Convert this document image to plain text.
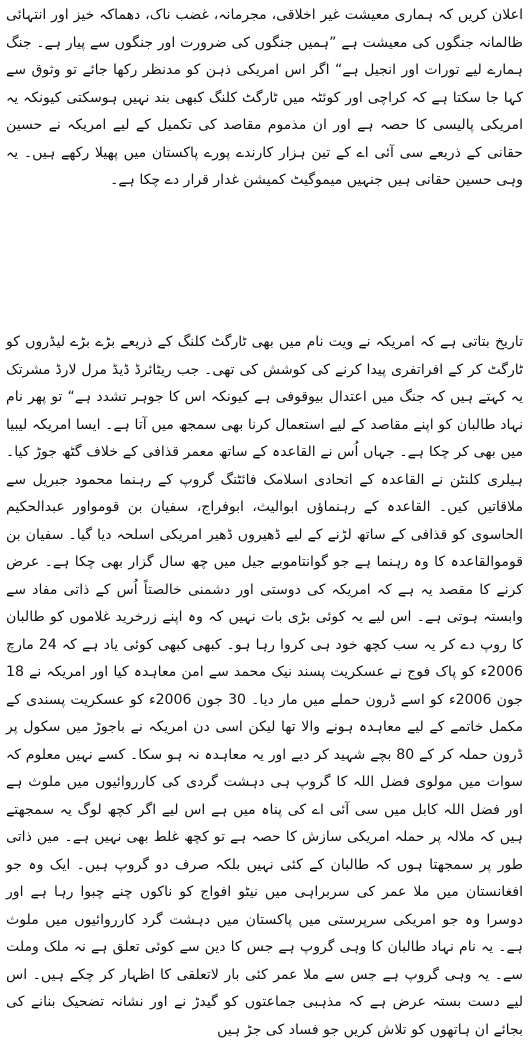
اعلان کریں کہ ہماری معیشت غیر اخلاقی، مجرمانہ، غضب ناک، دھماکہ خیز اور انتہائی ظالمانہ جنگوں کی معیشت ہے ”ہمیں جنگوں کی ضرورت اور جنگوں سے پیار ہے۔ جنگ ہمارے لیے تورات اور انجیل ہے“ اگر اس امریکی ذہن کو مدنظر رکھا جائے تو وثوق سے کہا جا سکتا ہے کہ کراچی اور کوئٹہ میں ٹارگٹ کلنگ کبھی بند نہیں ہوسکتی کیونکہ یہ امریکی پالیسی کا حصہ ہے اور ان مذموم مقاصد کی تکمیل کے لیے امریکہ نے حسین حقانی کے ذریعے سی آئی اے کے تین ہزار کارندے پورے پاکستان میں پھیلا رکھے ہیں۔ یہ وہی حسین حقانی ہیں جنہیں میموگیٹ کمیشن غدار قرار دے چکا ہے۔

تاریخ بتاتی ہے کہ امریکہ نے ویت نام میں بھی ٹارگٹ کلنگ کے ذریعے بڑے بڑے لیڈروں کو ٹارگٹ کر کے افراتفری پیدا کرنے کی کوشش کی تھی۔ جب ریٹائرڈ ڈیڈ مرل لارڈ مشرتک یہ کہتے ہیں کہ جنگ میں اعتدال بیوقوفی ہے کیونکہ اس کا جوہر تشدد ہے“ تو پھر نام نہاد طالبان کو اپنے مقاصد کے لیے استعمال کرنا بھی سمجھ میں آتا ہے۔ ایسا امریکہ لیبیا میں بھی کر چکا ہے۔ جہاں اُس نے القاعدہ کے ساتھ معمر قذافی کے خلاف گٹھ جوڑ کیا۔ ہیلری کلنٹن نے القاعدہ کے اتحادی اسلامک فائٹنگ گروپ کے رہنما محمود جبریل سے ملاقاتیں کیں۔ القاعدہ کے رہنماؤں ابوالیث، ابوفراج، سفیان بن قومواور عبدالحکیم الحاسوی کو قذافی کے ساتھ لڑنے کے لیے ڈھیروں ڈھیر امریکی اسلحہ دیا گیا۔ سفیان بن قوموالقاعدہ کا وہ رہنما ہے جو گوانتاموبے جیل میں چھ سال گزار بھی چکا ہے۔ عرض کرنے کا مقصد یہ ہے کہ امریکہ کی دوستی اور دشمنی خالصتاً اُس کے ذاتی مفاد سے وابستہ ہوتی ہے۔ اس لیے یہ کوئی بڑی بات نہیں کہ وہ اپنے زرخرید غلاموں کو طالبان کا روپ دے کر یہ سب کچھ خود ہی کروا رہا ہو۔ کبھی کبھی کوئی یاد ہے کہ 24 مارچ 2006ء کو پاک فوج نے عسکریت پسند نیک محمد سے امن معاہدہ کیا اور امریکہ نے 18 جون 2006ء کو اسے ڈرون حملے میں مار دیا۔ 30 جون 2006ء کو عسکریت پسندی کے مکمل خاتمے کے لیے معاہدہ ہونے والا تھا لیکن اسی دن امریکہ نے باجوڑ میں سکول پر ڈرون حملہ کر کے 80 بچے شہید کر دیے اور یہ معاہدہ نہ ہو سکا۔ کسے نہیں معلوم کہ سوات میں مولوی فضل اللہ کا گروپ ہی دہشت گردی کی کارروائیوں میں ملوث ہے اور فضل اللہ کابل میں سی آئی اے کی پناہ میں ہے اس لیے اگر کچھ لوگ یہ سمجھتے ہیں کہ ملالہ پر حملہ امریکی سازش کا حصہ ہے تو کچھ غلط بھی نہیں ہے۔ میں ذاتی طور پر سمجھتا ہوں کہ طالبان کے کئی نہیں بلکہ صرف دو گروپ ہیں۔ ایک وہ جو افغانستان میں ملا عمر کی سربراہی میں نیٹو افواج کو ناکوں چنے چبوا رہا ہے اور دوسرا وہ جو امریکی سرپرستی میں پاکستان میں دہشت گرد کارروائیوں میں ملوث ہے۔ یہ نام نہاد طالبان کا وہی گروپ ہے جس کا دین سے کوئی تعلق ہے نہ ملک وملت سے۔ یہ وہی گروپ ہے جس سے ملا عمر کئی بار لاتعلقی کا اظہار کر چکے ہیں۔ اس لیے دست بستہ عرض ہے کہ مذہبی جماعتوں کو گیدڑ نے اور نشانہ تضحیک بنانے کی بجائے ان ہاتھوں کو تلاش کریں جو فساد کی جڑ ہیں
